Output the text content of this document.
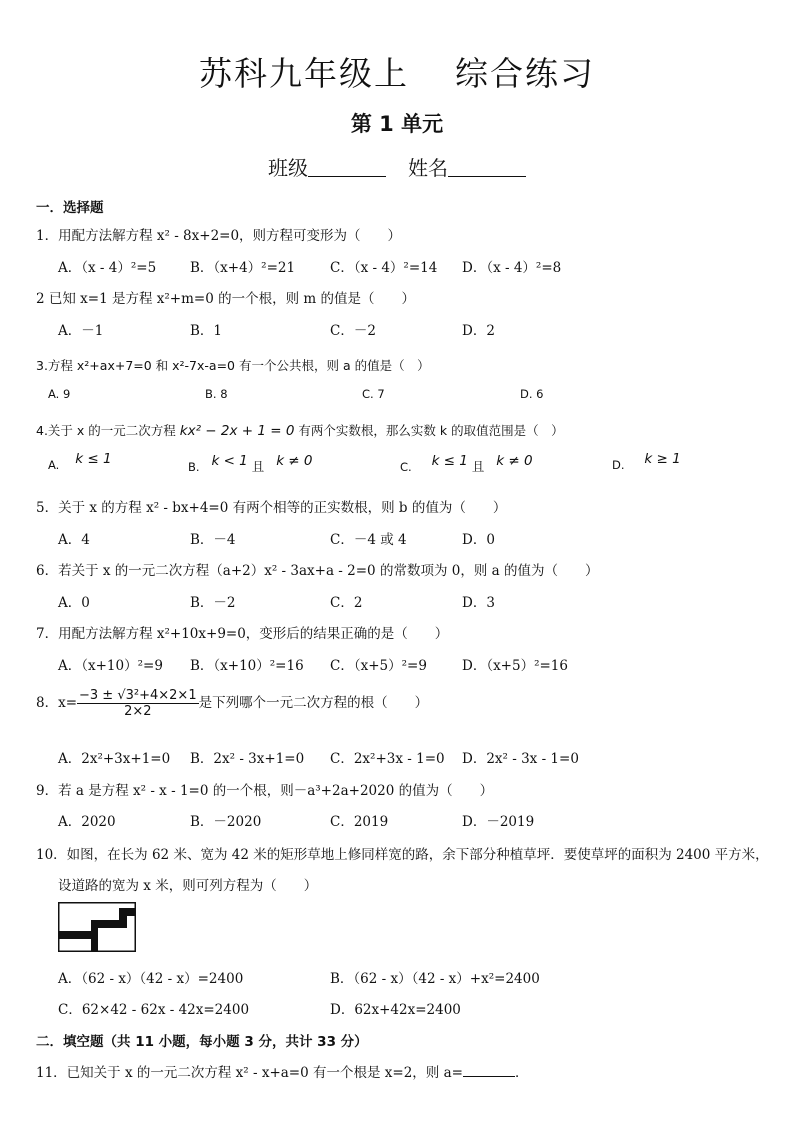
苏科九年级上 综合练习
第 1 单元
班级	姓名
一．选择题
1．用配方法解方程 x² - 8x+2=0，则方程可变形为（　　）
A．（x - 4）²=5	B．（x+4）²=21	C．（x - 4）²=14 D．（x - 4）²=8
2 已知 x=1 是方程 x²+m=0 的一个根，则 m 的值是（　　）
A．－1	B．1	C．－2	D．2
3.方程 x²+ax+7=0 和 x²-7x-a=0 有一个公共根，则 a 的值是（　）
A. 9	B. 8	C. 7	D. 6
4.关于 x 的一元二次方程 kx² − 2x + 1 = 0 有两个实数根，那么实数 k 的取值范围是（　）
A. k ≤ 1	B. k < 1 且 k ≠ 0	C. k ≤ 1 且 k ≠ 0	D. k ≥ 1
5．关于 x 的方程 x² - bx+4=0 有两个相等的正实数根，则 b 的值为（　　）
A．4	B．－4	C．－4 或 4	D．0
6．若关于 x 的一元二次方程（a+2）x² - 3ax+a - 2=0 的常数项为 0，则 a 的值为（　　）
A．0	B．－2	C．2	D．3
7．用配方法解方程 x²+10x+9=0，变形后的结果正确的是（　　）
A．（x+10）²=9 B．（x+10）²=16 C．（x+5）²=9	D．（x+5）²=16
8．$x= \frac{\text{−3 ± √3²+4×2×1}}{2\times 2}$ 是下列哪个一元二次方程的根（　　）
A．2x²+3x+1=0 B．2x² - 3x+1=0 C．2x²+3x - 1=0 D．2x² - 3x - 1=0
9．若 a 是方程 x² - x - 1=0 的一个根，则－a³+2a+2020 的值为（　　）
A．2020	B．－2020	C．2019	D．－2019
10．如图，在长为 62 米、宽为 42 米的矩形草地上修同样宽的路，余下部分种植草坪．要使草坪的面积为 2400 平方米，
设道路的宽为 x 米，则可列方程为（　　）
A．（62 - x）（42 - x）=2400	B．（62 - x）（42 - x）+x²=2400
C．62×42 - 62x - 42x=2400	D．62x+42x=2400
二．填空题（共 11 小题，每小题 3 分，共计 33 分）
11．已知关于 x 的一元二次方程 x² - x+a=0 有一个根是 x=2，则 a=	．
